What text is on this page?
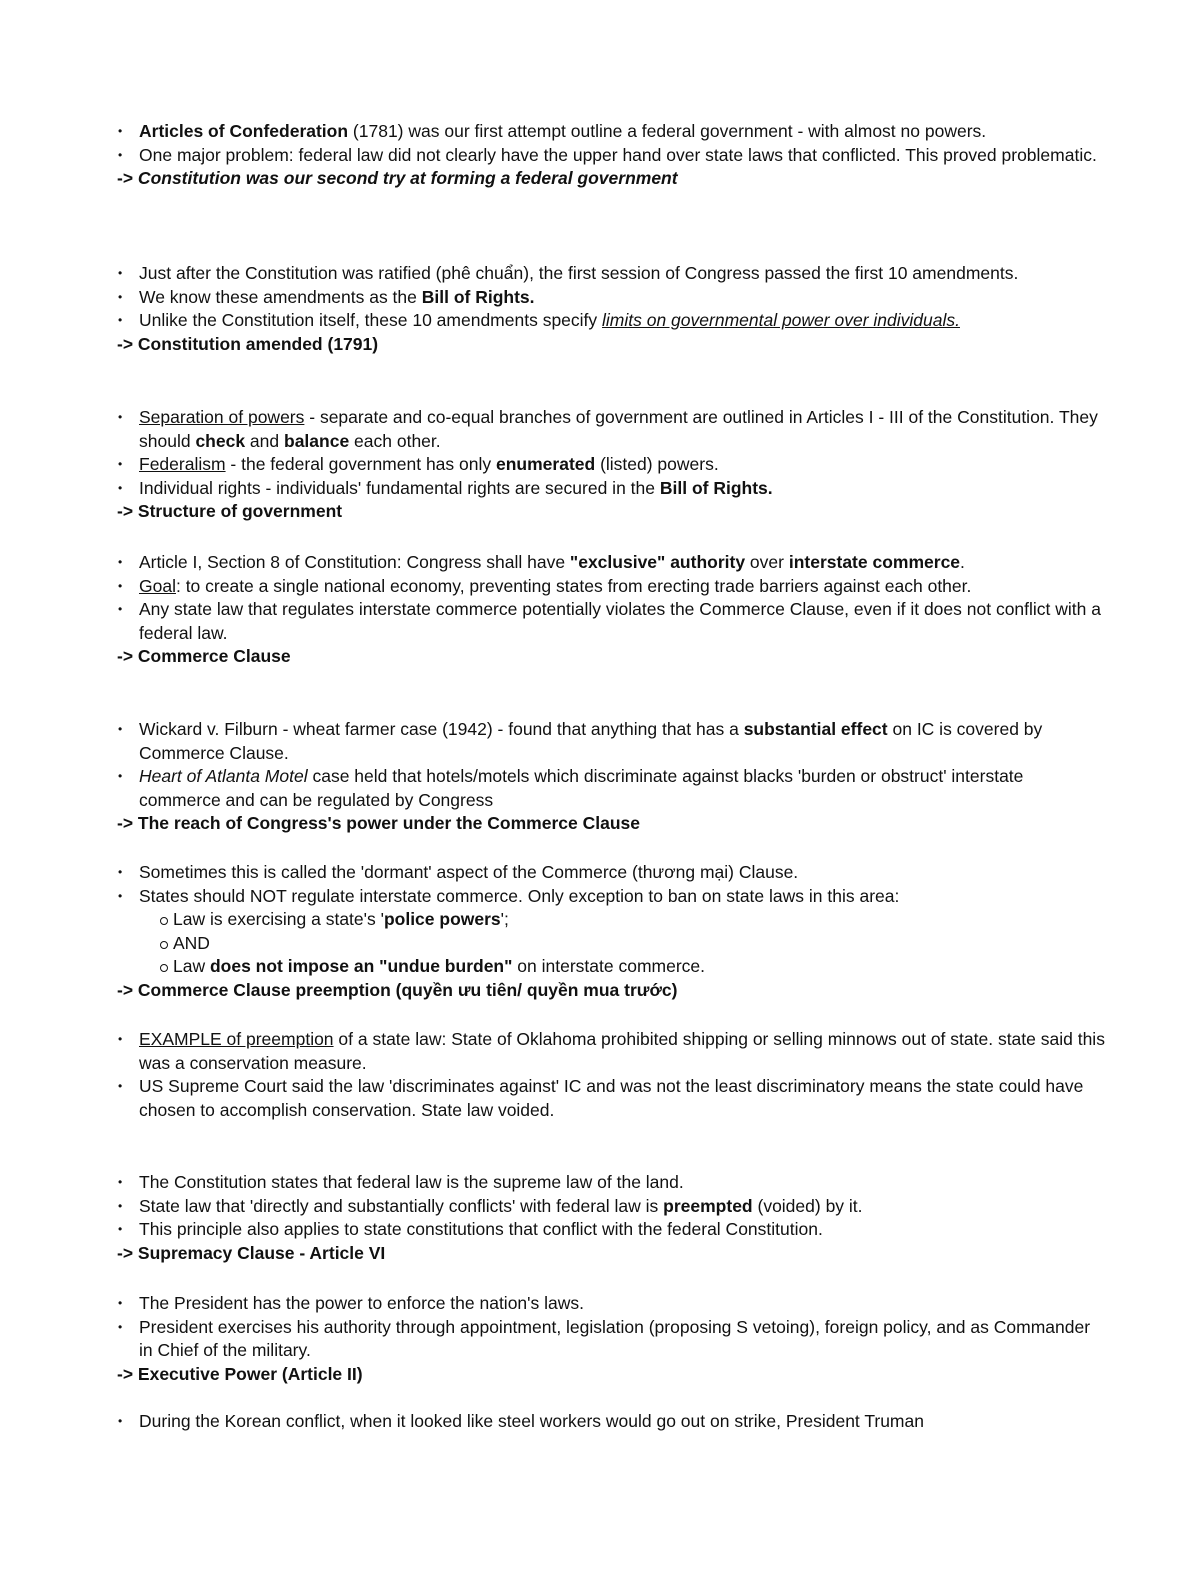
• Articles of Confederation (1781) was our first attempt outline a federal government - with almost no powers.
• One major problem: federal law did not clearly have the upper hand over state laws that conflicted. This proved problematic.
-> Constitution was our second try at forming a federal government
• Just after the Constitution was ratified (phê chuẩn), the first session of Congress passed the first 10 amendments.
• We know these amendments as the Bill of Rights.
• Unlike the Constitution itself, these 10 amendments specify limits on governmental power over individuals.
-> Constitution amended (1791)
• Separation of powers - separate and co-equal branches of government are outlined in Articles I - III of the Constitution. They should check and balance each other.
• Federalism - the federal government has only enumerated (listed) powers.
• Individual rights - individuals' fundamental rights are secured in the Bill of Rights.
-> Structure of government
• Article I, Section 8 of Constitution: Congress shall have "exclusive" authority over interstate commerce.
• Goal: to create a single national economy, preventing states from erecting trade barriers against each other.
• Any state law that regulates interstate commerce potentially violates the Commerce Clause, even if it does not conflict with a federal law.
-> Commerce Clause
• Wickard v. Filburn - wheat farmer case (1942) - found that anything that has a substantial effect on IC is covered by Commerce Clause.
• Heart of Atlanta Motel case held that hotels/motels which discriminate against blacks 'burden or obstruct' interstate commerce and can be regulated by Congress
-> The reach of Congress's power under the Commerce Clause
• Sometimes this is called the 'dormant' aspect of the Commerce (thương mại) Clause.
• States should NOT regulate interstate commerce. Only exception to ban on state laws in this area:
Law is exercising a state's 'police powers';
AND
Law does not impose an "undue burden" on interstate commerce.
-> Commerce Clause preemption (quyền ưu tiên/ quyền mua trước)
• EXAMPLE of preemption of a state law: State of Oklahoma prohibited shipping or selling minnows out of state. state said this was a conservation measure.
• US Supreme Court said the law 'discriminates against' IC and was not the least discriminatory means the state could have chosen to accomplish conservation. State law voided.
• The Constitution states that federal law is the supreme law of the land.
• State law that 'directly and substantially conflicts' with federal law is preempted (voided) by it.
• This principle also applies to state constitutions that conflict with the federal Constitution.
-> Supremacy Clause - Article VI
• The President has the power to enforce the nation's laws.
• President exercises his authority through appointment, legislation (proposing S vetoing), foreign policy, and as Commander in Chief of the military.
-> Executive Power (Article II)
• During the Korean conflict, when it looked like steel workers would go out on strike, President Truman
